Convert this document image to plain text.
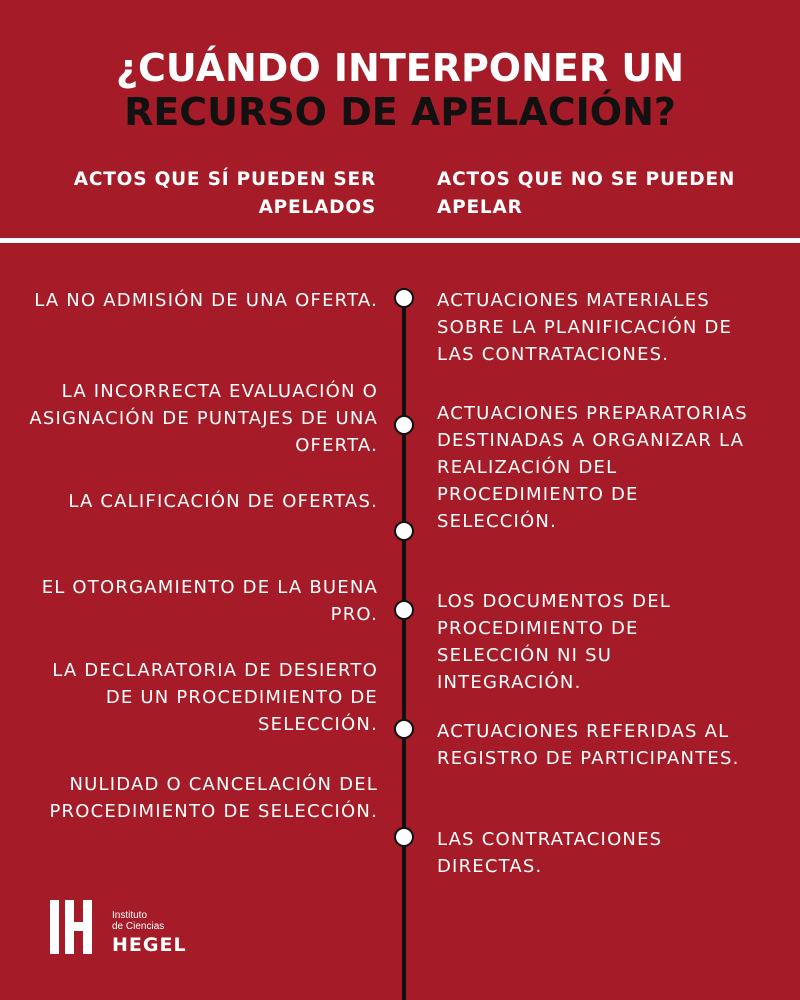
¿CUÁNDO INTERPONER UN
RECURSO DE APELACIÓN?
ACTOS QUE SÍ PUEDEN SER APELADOS
ACTOS QUE NO SE PUEDEN APELAR
LA NO ADMISIÓN DE UNA OFERTA.
LA INCORRECTA EVALUACIÓN O ASIGNACIÓN DE PUNTAJES DE UNA OFERTA.
LA CALIFICACIÓN DE OFERTAS.
EL OTORGAMIENTO DE LA BUENA PRO.
LA DECLARATORIA DE DESIERTO DE UN PROCEDIMIENTO DE SELECCIÓN.
NULIDAD O CANCELACIÓN DEL PROCEDIMIENTO DE SELECCIÓN.
ACTUACIONES MATERIALES SOBRE LA PLANIFICACIÓN DE LAS CONTRATACIONES.
ACTUACIONES PREPARATORIAS DESTINADAS A ORGANIZAR LA REALIZACIÓN DEL PROCEDIMIENTO DE SELECCIÓN.
LOS DOCUMENTOS DEL PROCEDIMIENTO DE SELECCIÓN NI SU INTEGRACIÓN.
ACTUACIONES REFERIDAS AL REGISTRO DE PARTICIPANTES.
LAS CONTRATACIONES DIRECTAS.
Instituto
de Ciencias
HEGEL
